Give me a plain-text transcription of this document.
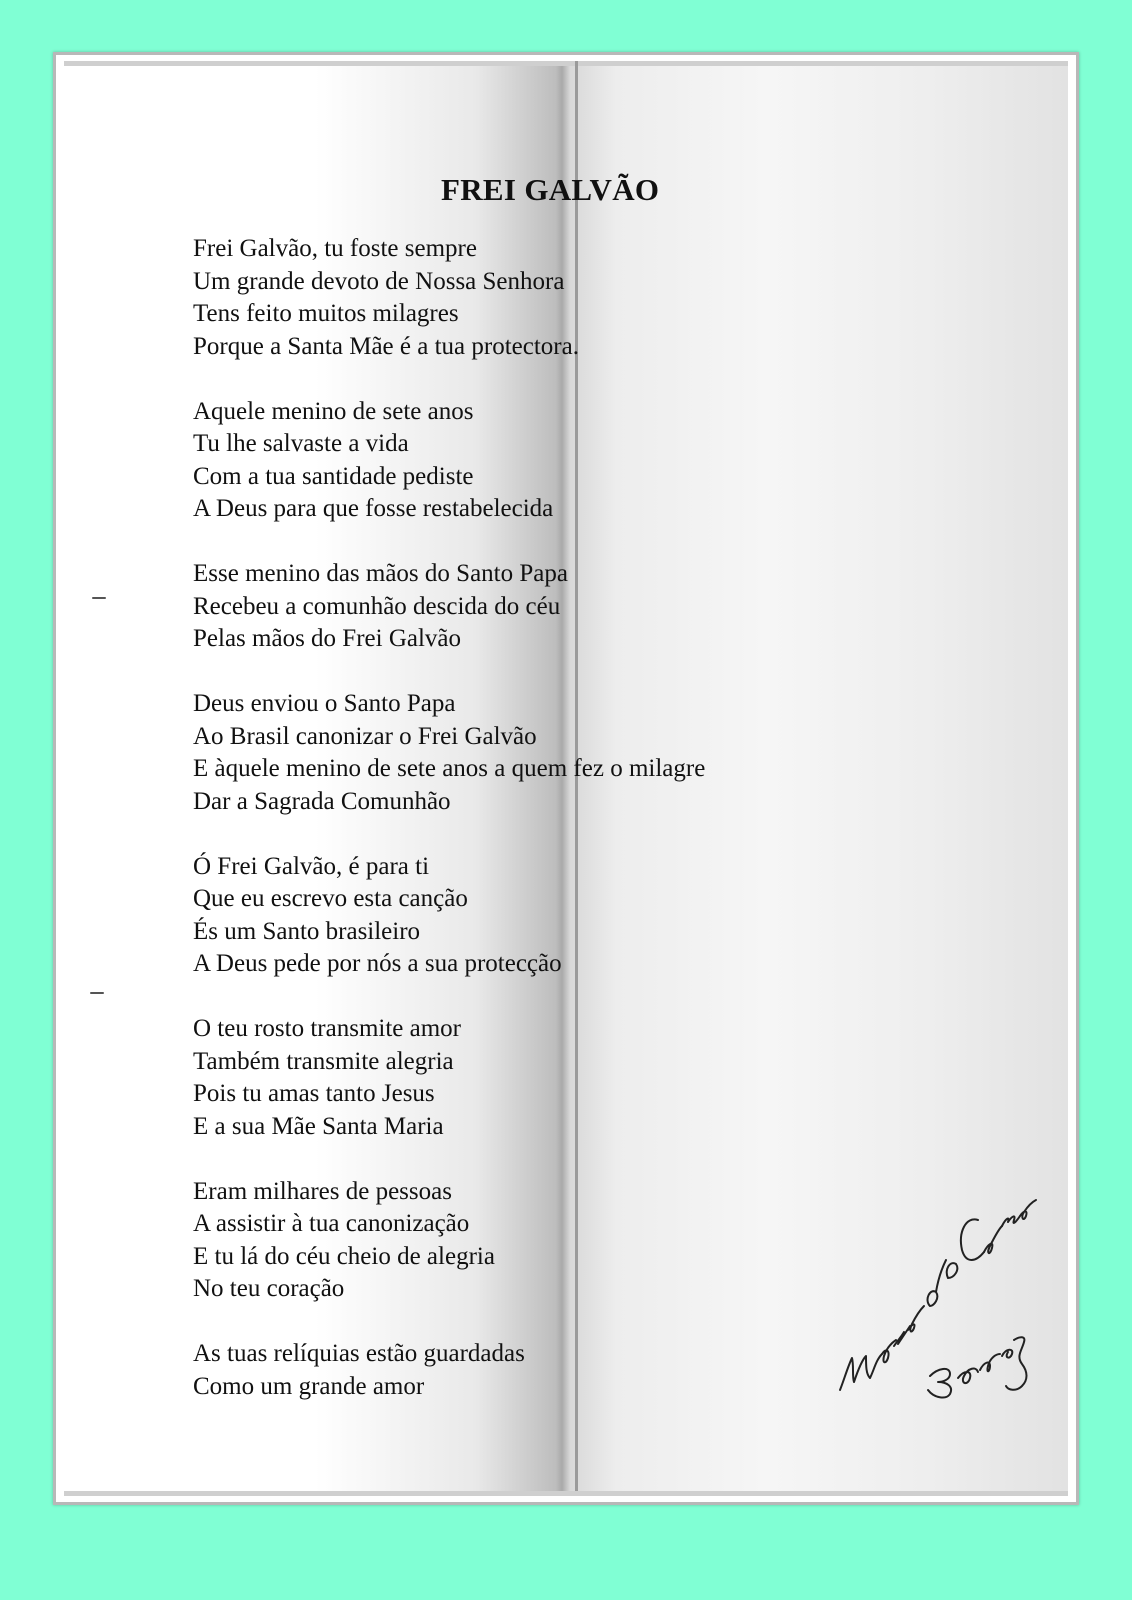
FREI GALVÃO
Frei Galvão, tu foste sempre
Um grande devoto de Nossa Senhora
Tens feito muitos milagres
Porque a Santa Mãe é a tua protectora.
Aquele menino de sete anos
Tu lhe salvaste a vida
Com a tua santidade pediste
A Deus para que fosse restabelecida
Esse menino das mãos do Santo Papa
Recebeu a comunhão descida do céu
Pelas mãos do Frei Galvão
Deus enviou o Santo Papa
Ao Brasil canonizar o Frei Galvão
E àquele menino de sete anos a quem fez o milagre
Dar a Sagrada Comunhão
Ó Frei Galvão, é para ti
Que eu escrevo esta canção
És um Santo brasileiro
A Deus pede por nós a sua protecção
O teu rosto transmite amor
Também transmite alegria
Pois tu amas tanto Jesus
E a sua Mãe Santa Maria
Eram milhares de pessoas
A assistir à tua canonização
E tu lá do céu cheio de alegria
No teu coração
As tuas relíquias estão guardadas
Como um grande amor
